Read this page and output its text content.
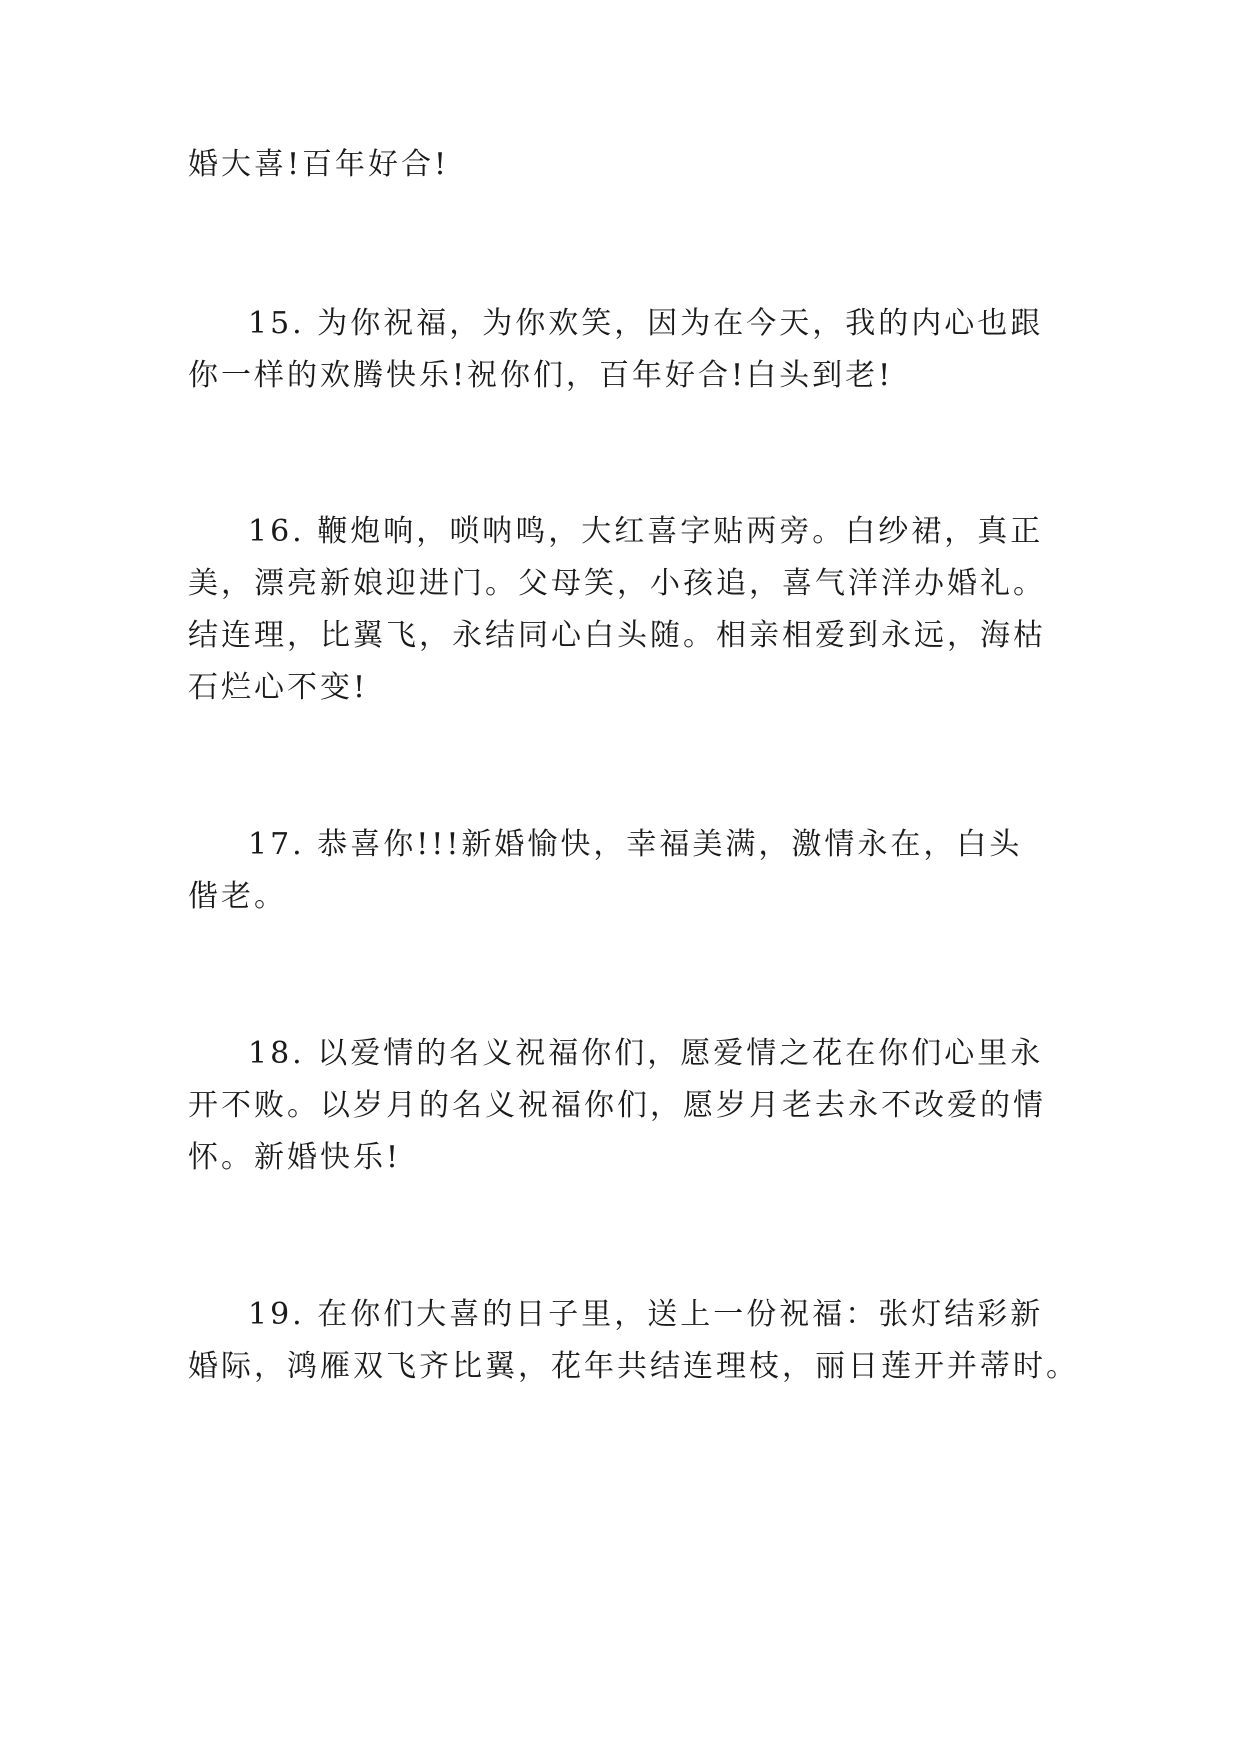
婚大喜!百年好合!
15. 为你祝福，为你欢笑，因为在今天，我的内心也跟
你一样的欢腾快乐!祝你们，百年好合!白头到老!
16. 鞭炮响，唢呐鸣，大红喜字贴两旁。白纱裙，真正
美，漂亮新娘迎进门。父母笑，小孩追，喜气洋洋办婚礼。
结连理，比翼飞，永结同心白头随。相亲相爱到永远，海枯
石烂心不变!
17. 恭喜你!!!新婚愉快，幸福美满，激情永在，白头
偕老。
18. 以爱情的名义祝福你们，愿爱情之花在你们心里永
开不败。以岁月的名义祝福你们，愿岁月老去永不改爱的情
怀。新婚快乐!
19. 在你们大喜的日子里，送上一份祝福：张灯结彩新
婚际，鸿雁双飞齐比翼，花年共结连理枝，丽日莲开并蒂时。
